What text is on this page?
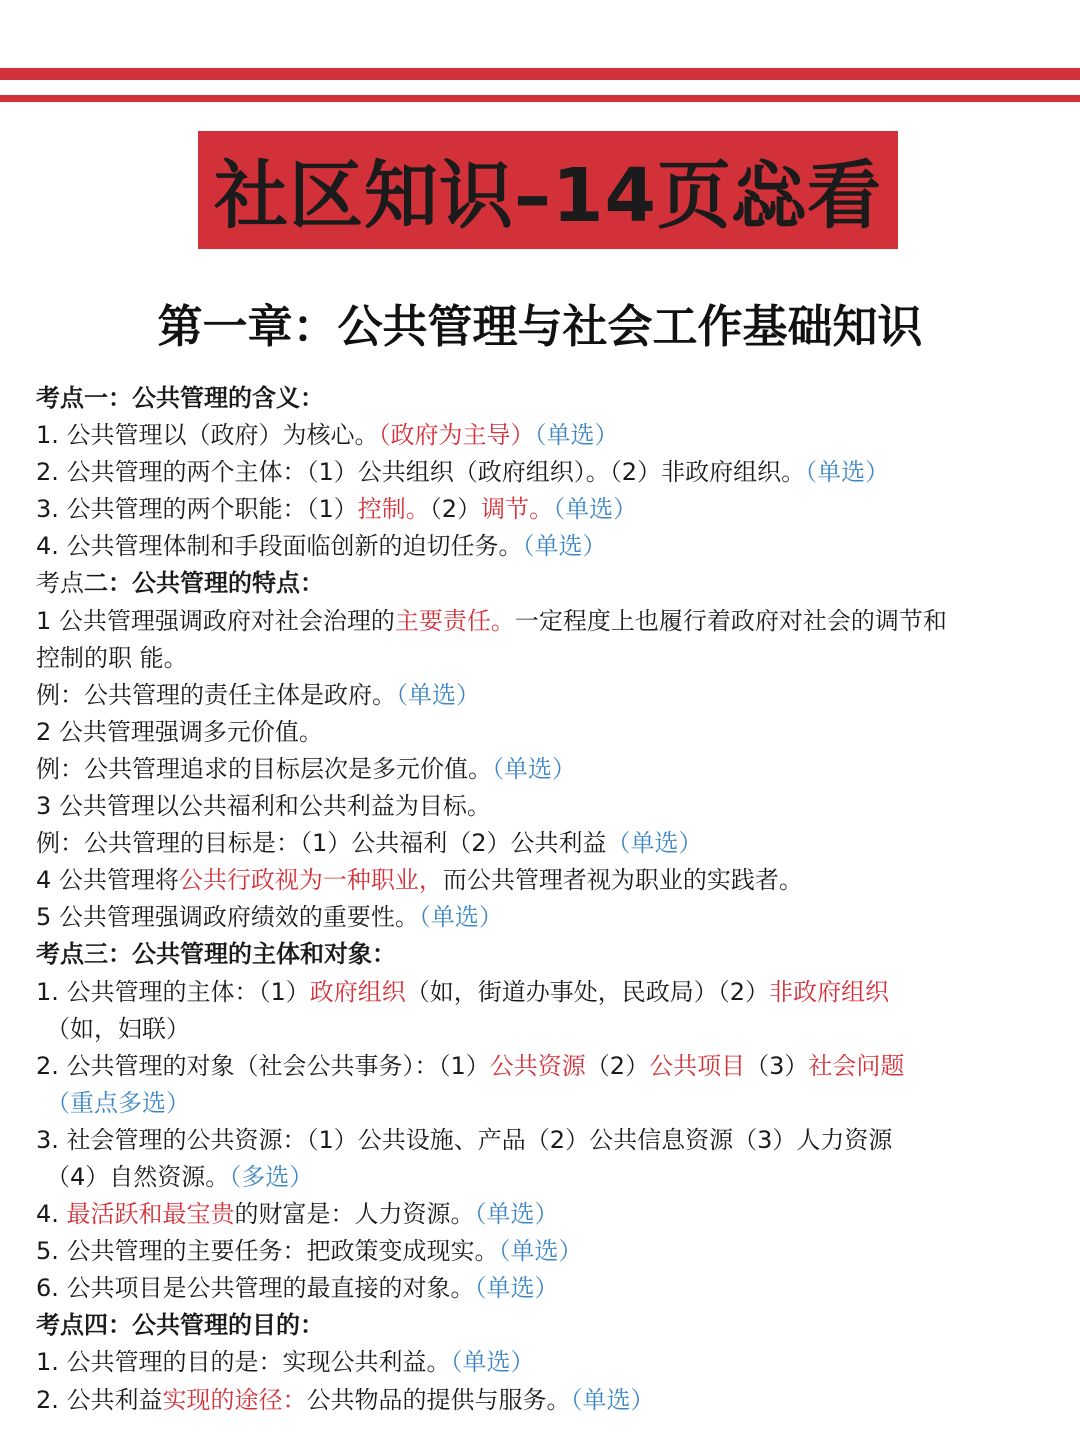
社区知识–14页惢看
第一章：公共管理与社会工作基础知识
考点一：公共管理的含义：
1. 公共管理以（政府）为核心。（政府为主导）（单选）
2. 公共管理的两个主体：（1）公共组织（政府组织）。（2）非政府组织。（单选）
3. 公共管理的两个职能：（1）控制。（2）调节。（单选）
4. 公共管理体制和手段面临创新的迫切任务。（单选）
考点二：公共管理的特点：
1 公共管理强调政府对社会治理的主要责任。一定程度上也履行着政府对社会的调节和
控制的职 能。
例：公共管理的责任主体是政府。（单选）
2 公共管理强调多元价值。
例：公共管理追求的目标层次是多元价值。（单选）
3 公共管理以公共福利和公共利益为目标。
例：公共管理的目标是：（1）公共福利（2）公共利益（单选）
4 公共管理将公共行政视为一种职业，而公共管理者视为职业的实践者。
5 公共管理强调政府绩效的重要性。（单选）
考点三：公共管理的主体和对象：
1. 公共管理的主体：（1）政府组织（如，街道办事处，民政局）（2）非政府组织
（如，妇联）
2. 公共管理的对象（社会公共事务）：（1）公共资源（2）公共项目（3）社会问题
（重点多选）
3. 社会管理的公共资源：（1）公共设施、产品（2）公共信息资源（3）人力资源
（4）自然资源。（多选）
4. 最活跃和最宝贵的财富是：人力资源。（单选）
5. 公共管理的主要任务：把政策变成现实。（单选）
6. 公共项目是公共管理的最直接的对象。（单选）
考点四：公共管理的目的：
1. 公共管理的目的是：实现公共利益。（单选）
2. 公共利益实现的途径：公共物品的提供与服务。（单选）
